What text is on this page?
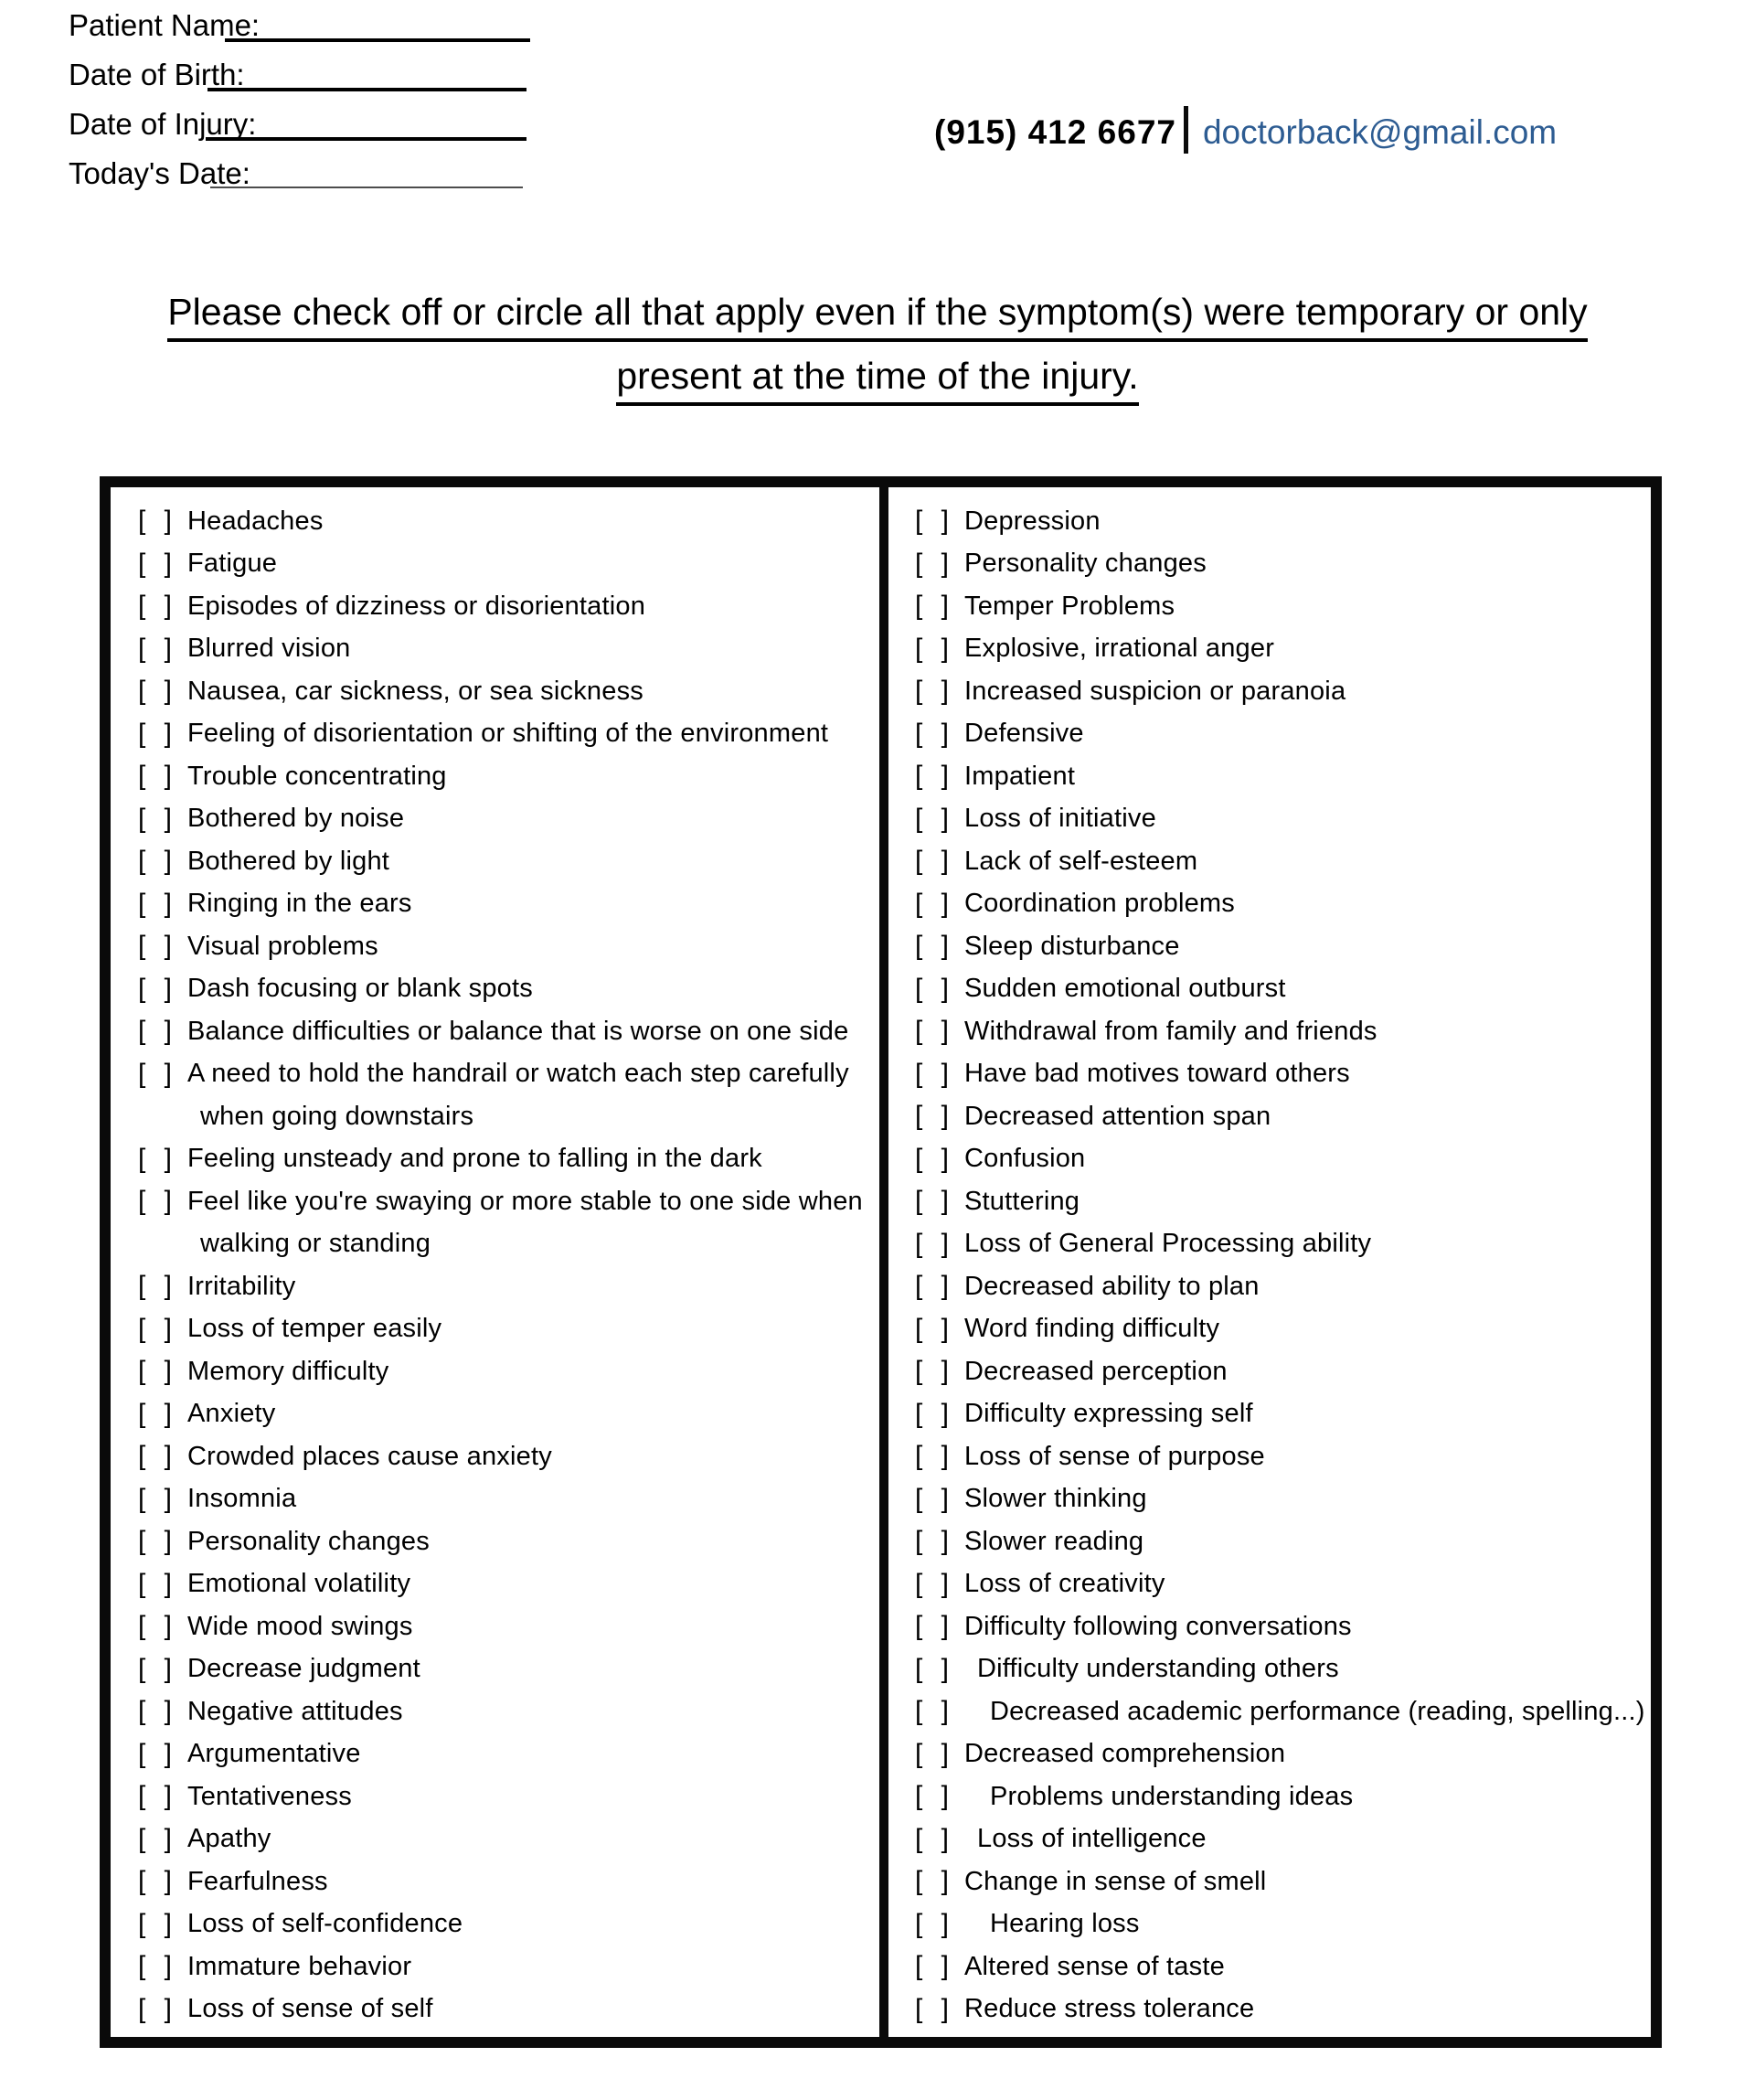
Patient Name:
Date of Birth:
Date of Injury:
Today's Date:
(915) 412 6677 doctorback@gmail.com
Please check off or circle all that apply even if the symptom(s) were temporary or only
present at the time of the injury.
[ ] Headaches
[ ] Fatigue
[ ] Episodes of dizziness or disorientation
[ ] Blurred vision
[ ] Nausea, car sickness, or sea sickness
[ ] Feeling of disorientation or shifting of the environment
[ ] Trouble concentrating
[ ] Bothered by noise
[ ] Bothered by light
[ ] Ringing in the ears
[ ] Visual problems
[ ] Dash focusing or blank spots
[ ] Balance difficulties or balance that is worse on one side
[ ] A need to hold the handrail or watch each step carefully
when going downstairs
[ ] Feeling unsteady and prone to falling in the dark
[ ] Feel like you're swaying or more stable to one side when
walking or standing
[ ] Irritability
[ ] Loss of temper easily
[ ] Memory difficulty
[ ] Anxiety
[ ] Crowded places cause anxiety
[ ] Insomnia
[ ] Personality changes
[ ] Emotional volatility
[ ] Wide mood swings
[ ] Decrease judgment
[ ] Negative attitudes
[ ] Argumentative
[ ] Tentativeness
[ ] Apathy
[ ] Fearfulness
[ ] Loss of self-confidence
[ ] Immature behavior
[ ] Loss of sense of self
[ ] Depression
[ ] Personality changes
[ ] Temper Problems
[ ] Explosive, irrational anger
[ ] Increased suspicion or paranoia
[ ] Defensive
[ ] Impatient
[ ] Loss of initiative
[ ] Lack of self-esteem
[ ] Coordination problems
[ ] Sleep disturbance
[ ] Sudden emotional outburst
[ ] Withdrawal from family and friends
[ ] Have bad motives toward others
[ ] Decreased attention span
[ ] Confusion
[ ] Stuttering
[ ] Loss of General Processing ability
[ ] Decreased ability to plan
[ ] Word finding difficulty
[ ] Decreased perception
[ ] Difficulty expressing self
[ ] Loss of sense of purpose
[ ] Slower thinking
[ ] Slower reading
[ ] Loss of creativity
[ ] Difficulty following conversations
[ ] Difficulty understanding others
[ ]	Decreased academic performance (reading, spelling...)
[ ] Decreased comprehension
[ ]	Problems understanding ideas
[ ] Loss of intelligence
[ ] Change in sense of smell
[ ]	Hearing loss
[ ] Altered sense of taste
[ ] Reduce stress tolerance
